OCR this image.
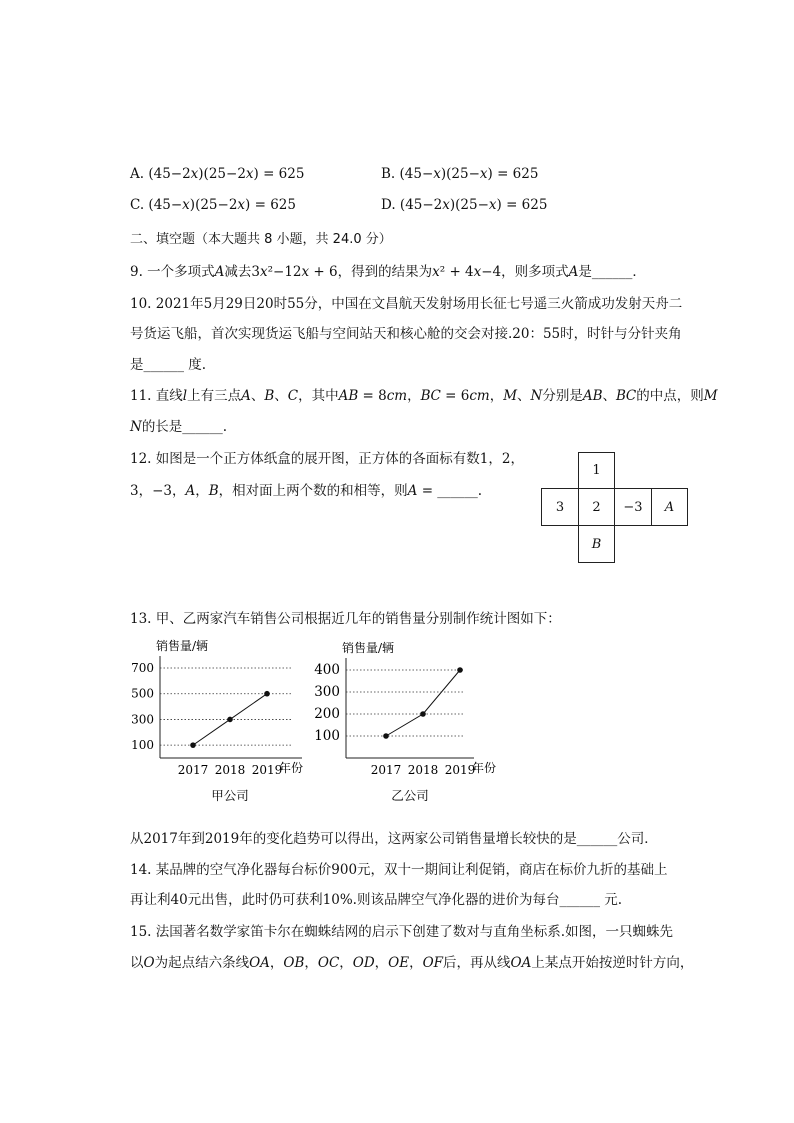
A. (45−2𝑥)(25−2𝑥) = 625	B. (45−𝑥)(25−𝑥) = 625
C. (45−𝑥)(25−2𝑥) = 625	D. (45−2𝑥)(25−𝑥) = 625
二、填空题（本大题共 8 小题，共 24.0 分）
9. 一个多项式𝐴减去3𝑥²−12𝑥 + 6，得到的结果为𝑥² + 4𝑥−4，则多项式𝐴是______．
10. 2021年5月29日20时55分，中国在文昌航天发射场用长征七号遥三火箭成功发射天舟二
号货运飞船，首次实现货运飞船与空间站天和核心舱的交会对接.20：55时，时针与分针夹角
是______ 度.
11. 直线𝑙上有三点𝐴、𝐵、𝐶，其中𝐴𝐵 = 8𝑐𝑚，𝐵𝐶 = 6𝑐𝑚，𝑀、𝑁分别是𝐴𝐵、𝐵𝐶的中点，则𝑀
𝑁的长是______.
12. 如图是一个正方体纸盒的展开图，正方体的各面标有数1，2，
3，−3，𝐴，𝐵，相对面上两个数的和相等，则𝐴 = ______.
1
3	2	−3	A
B
13. 甲、乙两家汽车销售公司根据近几年的销售量分别制作统计图如下：
销售量/辆
100
300
500
700
2017 2018 2019
年份
甲公司
销售量/辆
100
200
300
400
2017 2018 2019
年份
乙公司
从2017年到2019年的变化趋势可以得出，这两家公司销售量增长较快的是______公司．
14. 某品牌的空气净化器每台标价900元，双十一期间让利促销，商店在标价九折的基础上
再让利40元出售，此时仍可获利10%.则该品牌空气净化器的进价为每台______ 元.
15. 法国著名数学家笛卡尔在蜘蛛结网的启示下创建了数对与直角坐标系.如图，一只蜘蛛先
以𝑂为起点结六条线𝑂𝐴，𝑂𝐵，𝑂𝐶，𝑂𝐷，𝑂𝐸，𝑂𝐹后，再从线𝑂𝐴上某点开始按逆时针方向，
